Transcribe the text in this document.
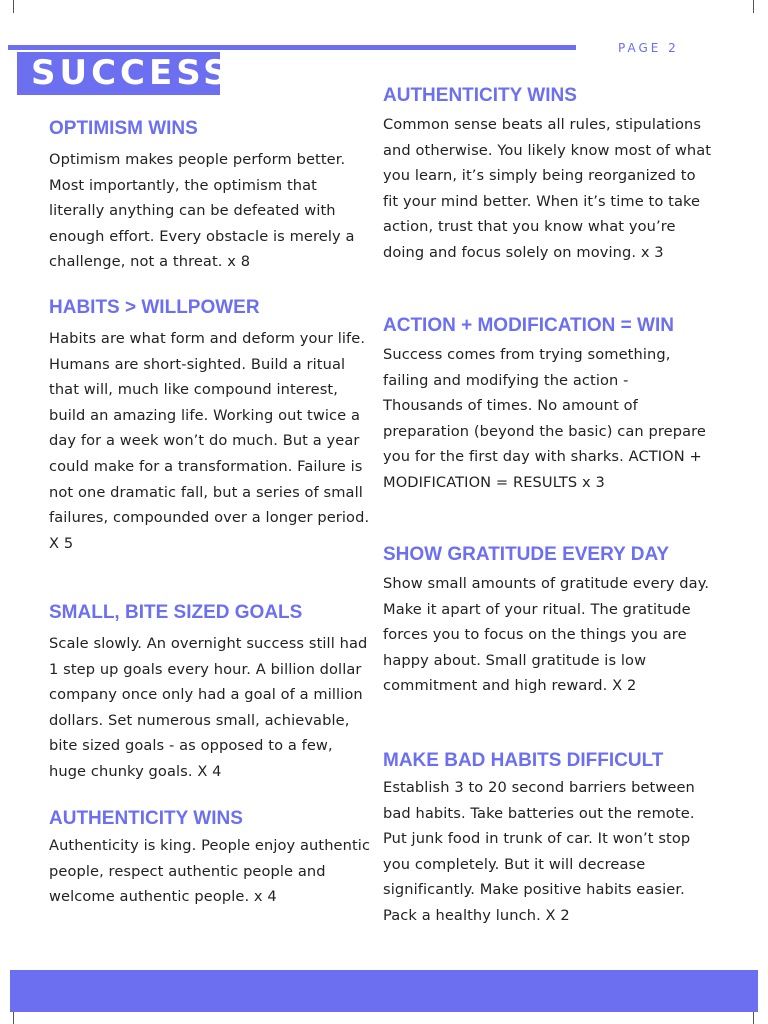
PAGE 2
SUCCESS
OPTIMISM WINS

Optimism makes people perform better. Most importantly, the optimism that literally anything can be defeated with enough effort. Every obstacle is merely a challenge, not a threat. x 8

HABITS > WILLPOWER

Habits are what form and deform your life. Humans are short-sighted. Build a ritual that will, much like compound interest, build an amazing life. Working out twice a day for a week won’t do much. But a year could make for a transformation. Failure is not one dramatic fall, but a series of small failures, compounded over a longer period. X 5

SMALL, BITE SIZED GOALS

Scale slowly. An overnight success still had 1 step up goals every hour. A billion dollar company once only had a goal of a million dollars. Set numerous small, achievable, bite sized goals - as opposed to a few, huge chunky goals. X 4

AUTHENTICITY WINS

Authenticity is king. People enjoy authentic people, respect authentic people and welcome authentic people. x 4

AUTHENTICITY WINS

Common sense beats all rules, stipulations and otherwise. You likely know most of what you learn, it’s simply being reorganized to fit your mind better. When it’s time to take action, trust that you know what you’re doing and focus solely on moving. x 3

ACTION + MODIFICATION = WIN

Success comes from trying something, failing and modifying the action - Thousands of times. No amount of preparation (beyond the basic) can prepare you for the first day with sharks. ACTION + MODIFICATION = RESULTS x 3

SHOW GRATITUDE EVERY DAY

Show small amounts of gratitude every day. Make it apart of your ritual. The gratitude forces you to focus on the things you are happy about. Small gratitude is low commitment and high reward. X 2

MAKE BAD HABITS DIFFICULT

Establish 3 to 20 second barriers between bad habits. Take batteries out the remote. Put junk food in trunk of car. It won’t stop you completely. But it will decrease significantly. Make positive habits easier. Pack a healthy lunch. X 2
